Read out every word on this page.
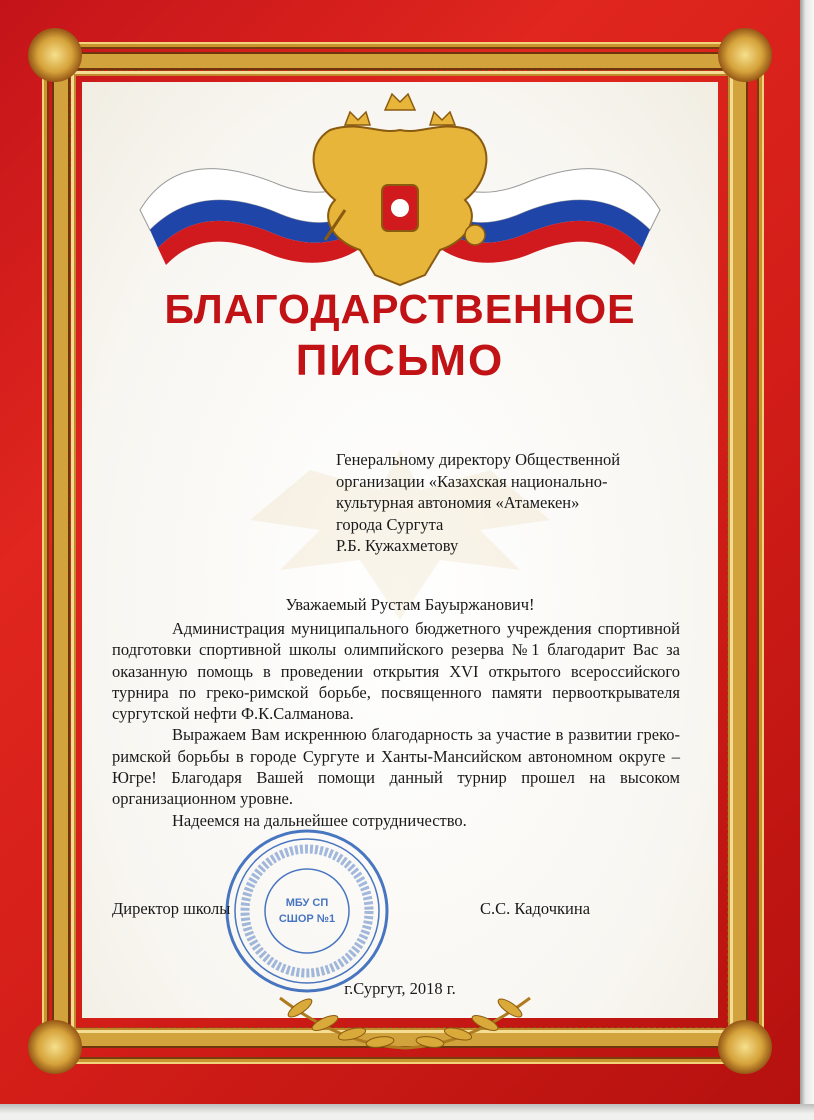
БЛАГОДАРСТВЕННОЕ
ПИСЬМО
Генеральному директору Общественной
организации «Казахская национально-
культурная автономия «Атамекен»
города Сургута
Р.Б. Кужахметову
Уважаемый Рустам Бауыржанович!

Администрация муниципального бюджетного учреждения спортивной подготовки спортивной школы олимпийского резерва №1 благодарит Вас за оказанную помощь в проведении открытия XVI открытого всероссийского турнира по греко-римской борьбе, посвященного памяти первооткрывателя сургутской нефти Ф.К.Салманова.

Выражаем Вам искреннюю благодарность за участие в развитии греко-римской борьбы в городе Сургуте и Ханты-Мансийском автономном округе – Югре! Благодаря Вашей помощи данный турнир прошел на высоком организационном уровне.

Надеемся на дальнейшее сотрудничество.

МБУ СП
СШОР №1
Директор школы	С.С. Кадочкина
г.Сургут, 2018 г.
